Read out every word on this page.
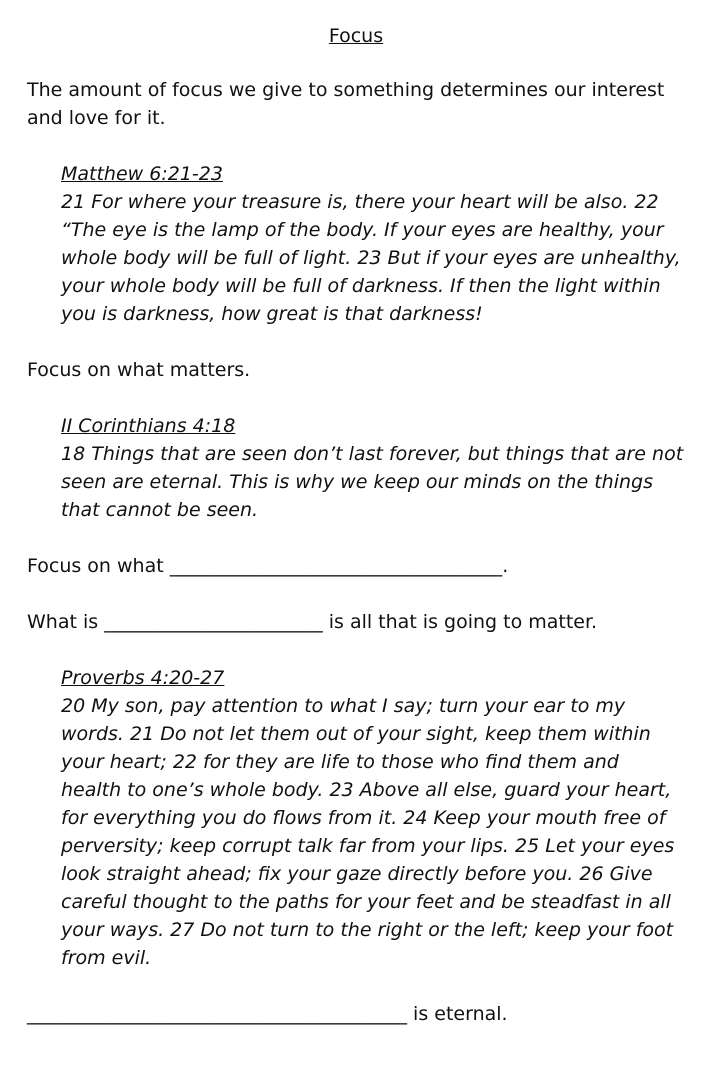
Focus
The amount of focus we give to something determines our interest and love for it.
Matthew 6:21-23
21 For where your treasure is, there your heart will be also. 22 “The eye is the lamp of the body. If your eyes are healthy, your whole body will be full of light. 23 But if your eyes are unhealthy, your whole body will be full of darkness. If then the light within you is darkness, how great is that darkness!
Focus on what matters.
II Corinthians 4:18
18 Things that are seen don’t last forever, but things that are not seen are eternal. This is why we keep our minds on the things that cannot be seen.
Focus on what ___________________________________.
What is _______________________ is all that is going to matter.
Proverbs 4:20-27
20 My son, pay attention to what I say; turn your ear to my words. 21 Do not let them out of your sight, keep them within your heart; 22 for they are life to those who find them and health to one’s whole body. 23 Above all else, guard your heart, for everything you do flows from it. 24 Keep your mouth free of perversity; keep corrupt talk far from your lips. 25 Let your eyes look straight ahead; fix your gaze directly before you. 26 Give careful thought to the paths for your feet and be steadfast in all your ways. 27 Do not turn to the right or the left; keep your foot from evil.
________________________________________ is eternal.
